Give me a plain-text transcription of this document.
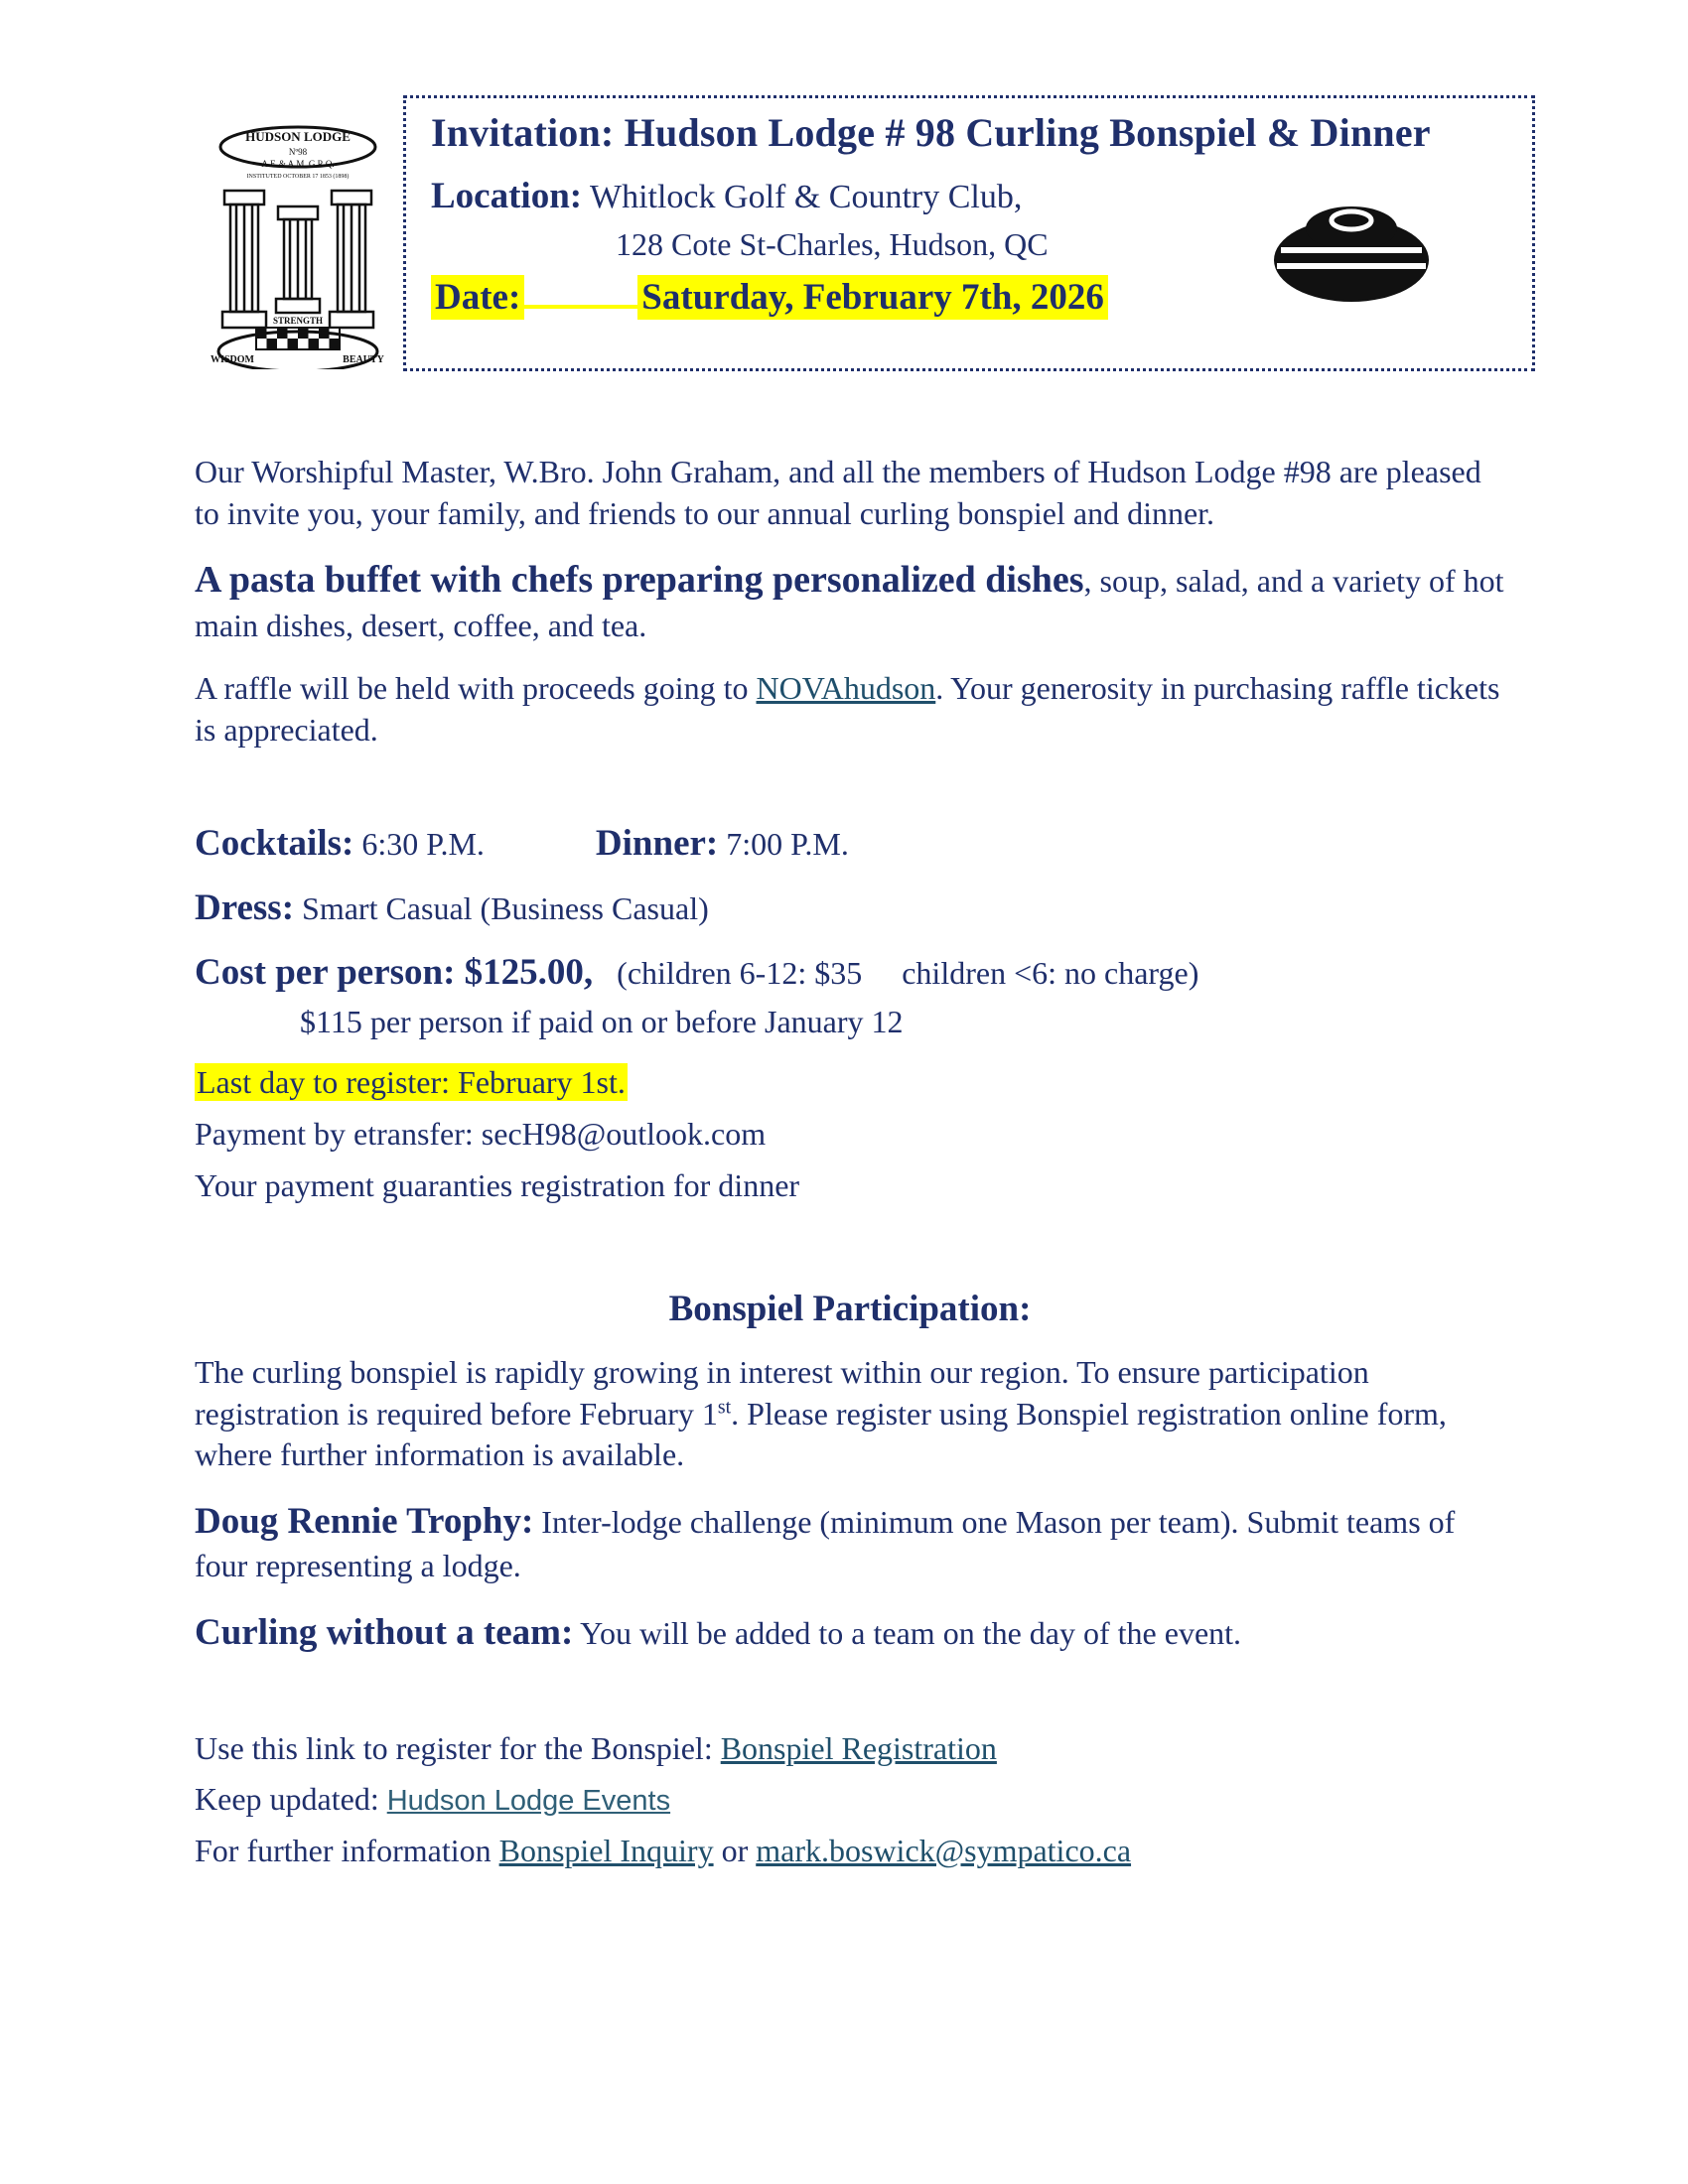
HUDSON LODGE
Nº98
A.F. & A.M. G.R.Q.
INSTITUTED OCTOBER 17 1853 (1898)
STRENGTH
WISDOM	BEAUTY
Invitation: Hudson Lodge # 98 Curling Bonspiel & Dinner
Location: Whitlock Golf & Country Club,
128 Cote St-Charles, Hudson, QC
Date:	Saturday, February 7th, 2026

Our Worshipful Master, W.Bro. John Graham, and all the members of Hudson Lodge #98 are pleased to invite you, your family, and friends to our annual curling bonspiel and dinner.

A pasta buffet with chefs preparing personalized dishes, soup, salad, and a variety of hot main dishes, desert, coffee, and tea.

A raffle will be held with proceeds going to NOVAhudson. Your generosity in purchasing raffle tickets is appreciated.

Cocktails: 6:30 P.M.	Dinner: 7:00 P.M.

Dress: Smart Casual (Business Casual)

Cost per person: $125.00, (children 6-12: $35 children <6: no charge)

$115 per person if paid on or before January 12

Last day to register: February 1st.

Payment by etransfer: secH98@outlook.com

Your payment guaranties registration for dinner

Bonspiel Participation:

The curling bonspiel is rapidly growing in interest within our region. To ensure participation registration is required before February 1st. Please register using Bonspiel registration online form, where further information is available.

Doug Rennie Trophy: Inter-lodge challenge (minimum one Mason per team). Submit teams of four representing a lodge.

Curling without a team: You will be added to a team on the day of the event.

Use this link to register for the Bonspiel: Bonspiel Registration

Keep updated: Hudson Lodge Events

For further information Bonspiel Inquiry or mark.boswick@sympatico.ca
